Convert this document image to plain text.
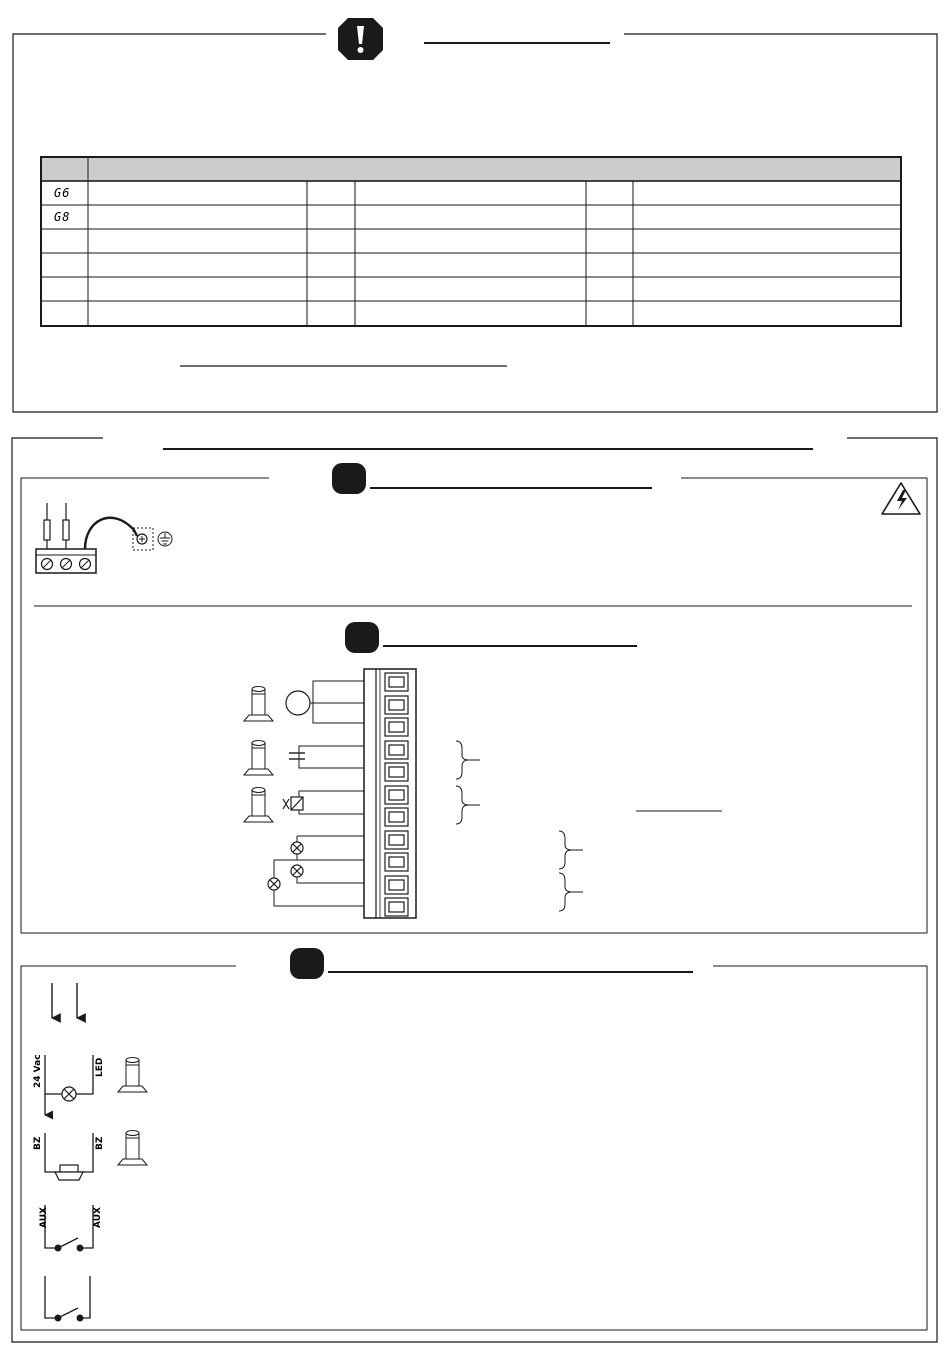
G6
G8
24 Vac	LED
BZ	BZ
AUX	AUX
